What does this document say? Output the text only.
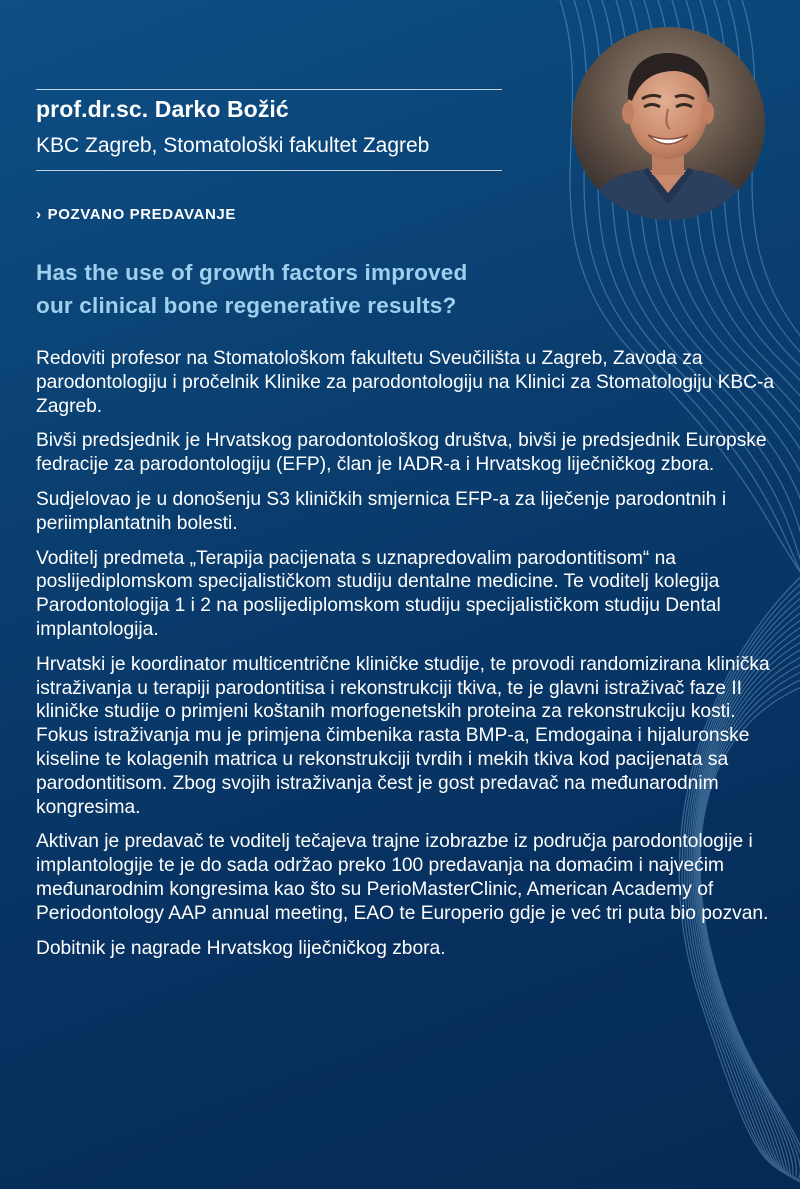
prof.dr.sc. Darko Božić
KBC Zagreb, Stomatološki fakultet Zagreb
› POZVANO PREDAVANJE
Has the use of growth factors improved
our clinical bone regenerative results?

Redoviti profesor na Stomatološkom fakultetu Sveučilišta u Zagreb, Zavoda za parodontologiju i pročelnik Klinike za parodontologiju na Klinici za Stomatologiju KBC-a Zagreb.

Bivši predsjednik je Hrvatskog parodontološkog društva, bivši je predsjednik Europske fedracije za parodontologiju (EFP), član je IADR-a i Hrvatskog liječničkog zbora.

Sudjelovao je u donošenju S3 kliničkih smjernica EFP-a za liječenje parodontnih i periimplantatnih bolesti.

Voditelj predmeta „Terapija pacijenata s uznapredovalim parodontitisom“ na poslijediplomskom specijalističkom studiju dentalne medicine. Te voditelj kolegija Parodontologija 1 i 2 na poslijediplomskom studiju specijalističkom studiju Dental implantologija.

Hrvatski je koordinator multicentrične kliničke studije, te provodi randomizirana klinička istraživanja u terapiji parodontitisa i rekonstrukciji tkiva, te je glavni istraživač faze II kliničke studije o primjeni koštanih morfogenetskih proteina za rekonstrukciju kosti. Fokus istraživanja mu je primjena čimbenika rasta BMP-a, Emdogaina i hijaluronske kiseline te kolagenih matrica u rekonstrukciji tvrdih i mekih tkiva kod pacijenata sa parodontitisom. Zbog svojih istraživanja čest je gost predavač na međunarodnim kongresima.

Aktivan je predavač te voditelj tečajeva trajne izobrazbe iz područja parodontologije i implantologije te je do sada održao preko 100 predavanja na domaćim i najvećim međunarodnim kongresima kao što su PerioMasterClinic, American Academy of Periodontology AAP annual meeting, EAO te Europerio gdje je već tri puta bio pozvan.

Dobitnik je nagrade Hrvatskog liječničkog zbora.
